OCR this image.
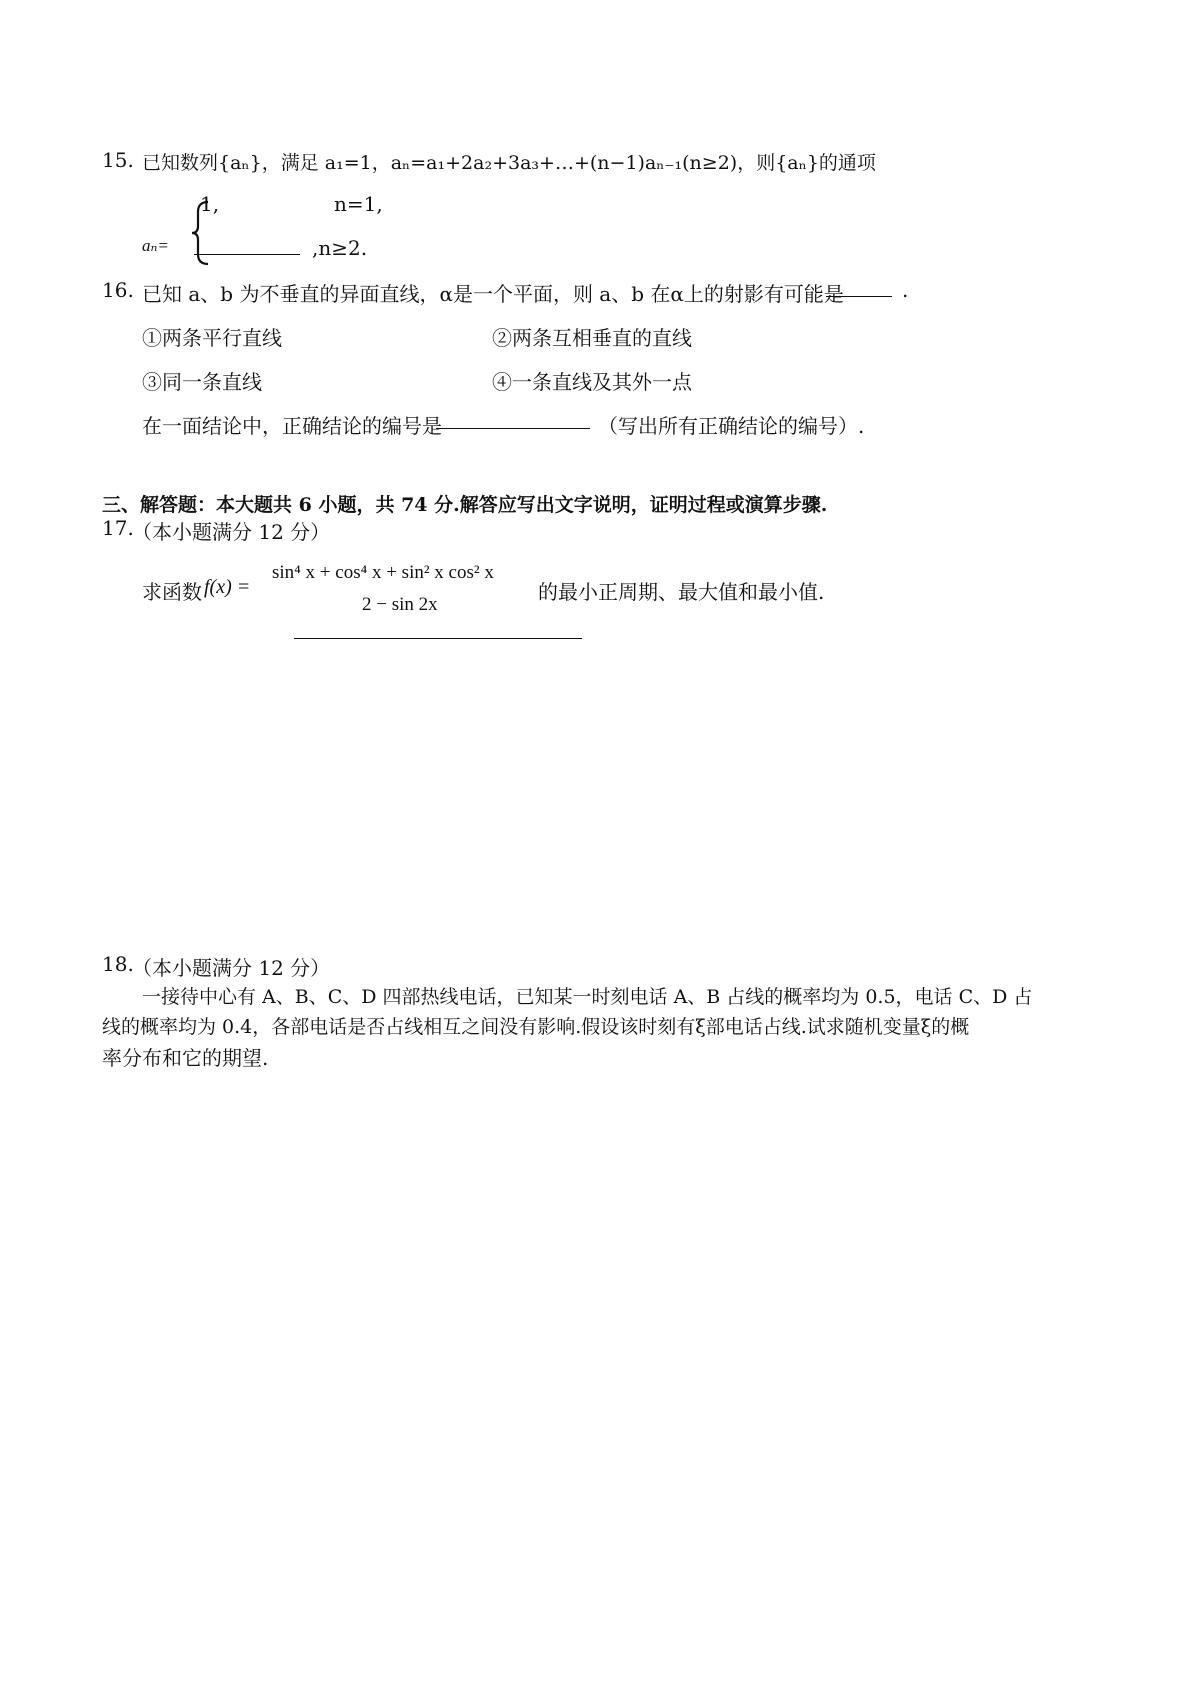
15. 已知数列{aₙ}，满足 a₁=1，aₙ=a₁+2a₂+3a₃+…+(n−1)aₙ₋₁(n≥2)，则{aₙ}的通项
1,	n=1,
aₙ=	,n≥2.
16. 已知 a、b 为不垂直的异面直线，α是一个平面，则 a、b 在α上的射影有可能是	.
①两条平行直线	②两条互相垂直的直线
③同一条直线	④一条直线及其外一点
在一面结论中，正确结论的编号是	（写出所有正确结论的编号）.
三、解答题：本大题共 6 小题，共 74 分.解答应写出文字说明，证明过程或演算步骤.
17.
（本小题满分 12 分）
求函数 f(x) =
sin⁴ x + cos⁴ x + sin² x cos² x
2 − sin 2x
的最小正周期、最大值和最小值.
18.
（本小题满分 12 分）
一接待中心有 A、B、C、D 四部热线电话，已知某一时刻电话 A、B 占线的概率均为 0.5，电话 C、D 占
线的概率均为 0.4，各部电话是否占线相互之间没有影响.假设该时刻有ξ部电话占线.试求随机变量ξ的概
率分布和它的期望.
